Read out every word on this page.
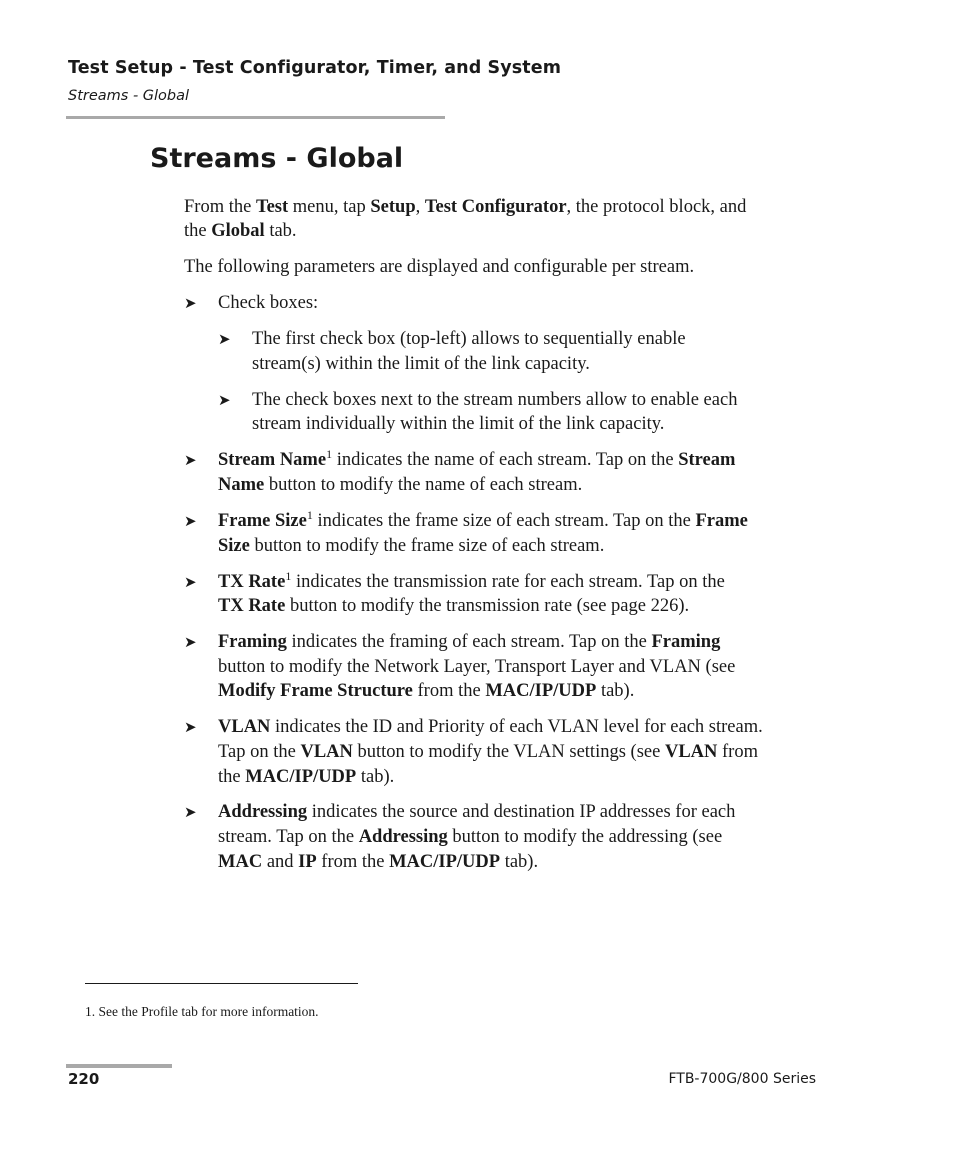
Test Setup - Test Configurator, Timer, and System
Streams - Global
Streams - Global
From the Test menu, tap Setup, Test Configurator, the protocol block, and
the Global tab.
The following parameters are displayed and configurable per stream.
➤ Check boxes:
➤ The first check box (top-left) allows to sequentially enable
stream(s) within the limit of the link capacity.
➤ The check boxes next to the stream numbers allow to enable each
stream individually within the limit of the link capacity.
➤ Stream Name$^1$ indicates the name of each stream. Tap on the Stream
Name button to modify the name of each stream.
➤ Frame Size$^1$ indicates the frame size of each stream. Tap on the Frame
Size button to modify the frame size of each stream.
➤ TX Rate$^1$ indicates the transmission rate for each stream. Tap on the
TX Rate button to modify the transmission rate (see page 226).
➤ Framing indicates the framing of each stream. Tap on the Framing
button to modify the Network Layer, Transport Layer and VLAN (see
Modify Frame Structure from the MAC/IP/UDP tab).
➤ VLAN indicates the ID and Priority of each VLAN level for each stream.
Tap on the VLAN button to modify the VLAN settings (see VLAN from
the MAC/IP/UDP tab).
➤ Addressing indicates the source and destination IP addresses for each
stream. Tap on the Addressing button to modify the addressing (see
MAC and IP from the MAC/IP/UDP tab).
1. See the Profile tab for more information.
220	FTB-700G/800 Series
